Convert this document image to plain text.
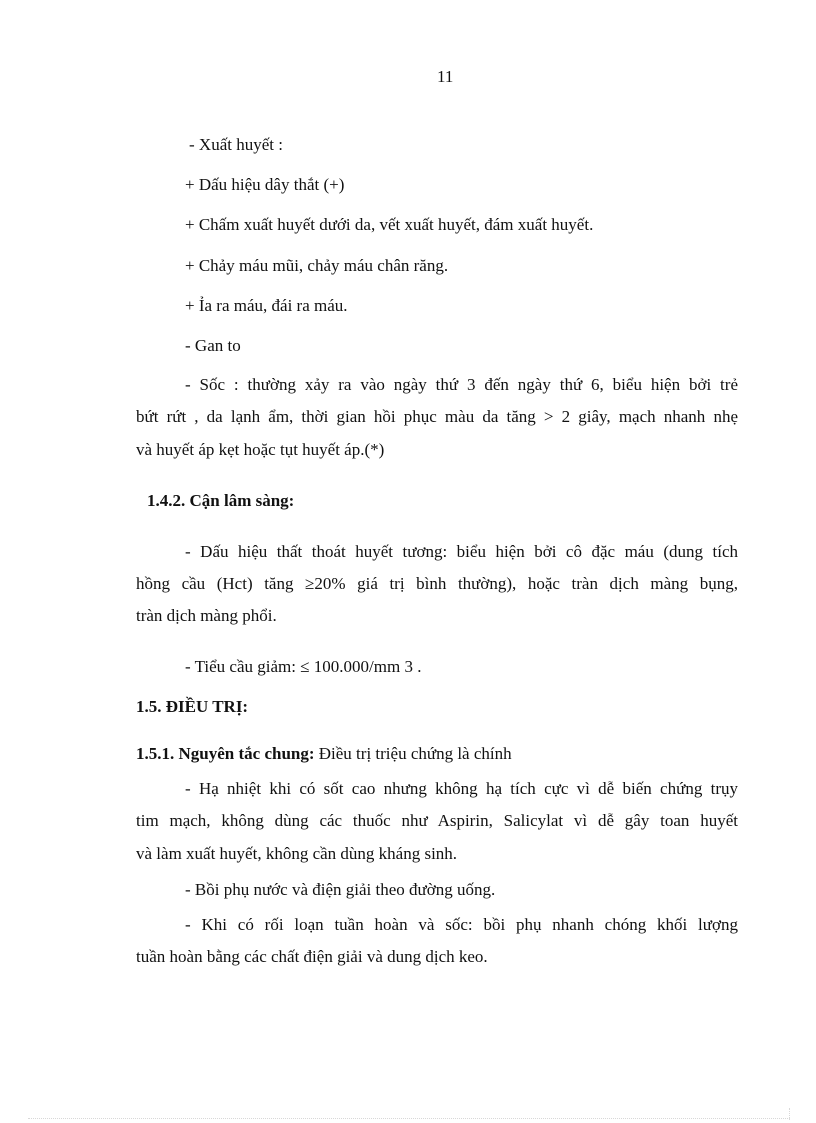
11
- Xuất huyết :
+ Dấu hiệu dây thắt (+)
+ Chấm xuất huyết dưới da, vết xuất huyết, đám xuất huyết.
+ Chảy máu mũi, chảy máu chân răng.
+ Ỉa ra máu, đái ra máu.
- Gan to
- Sốc : thường xảy ra vào ngày thứ 3 đến ngày thứ 6, biểu hiện bởi trẻ
bứt rứt , da lạnh ẩm, thời gian hồi phục màu da tăng > 2 giây, mạch nhanh nhẹ
và huyết áp kẹt hoặc tụt huyết áp.(*)
1.4.2. Cận lâm sàng:
- Dấu hiệu thất thoát huyết tương: biểu hiện bởi cô đặc máu (dung tích
hồng cầu (Hct) tăng ≥20% giá trị bình thường), hoặc tràn dịch màng bụng,
tràn dịch màng phổi.
- Tiểu cầu giảm: ≤ 100.000/mm 3 .
1.5. ĐIỀU TRỊ:
1.5.1. Nguyên tắc chung: Điều trị triệu chứng là chính
- Hạ nhiệt khi có sốt cao nhưng không hạ tích cực vì dễ biến chứng trụy
tim mạch, không dùng các thuốc như Aspirin, Salicylat vì dễ gây toan huyết
và làm xuất huyết, không cần dùng kháng sinh.
- Bồi phụ nước và điện giải theo đường uống.
- Khi có rối loạn tuần hoàn và sốc: bồi phụ nhanh chóng khối lượng
tuần hoàn bằng các chất điện giải và dung dịch keo.
